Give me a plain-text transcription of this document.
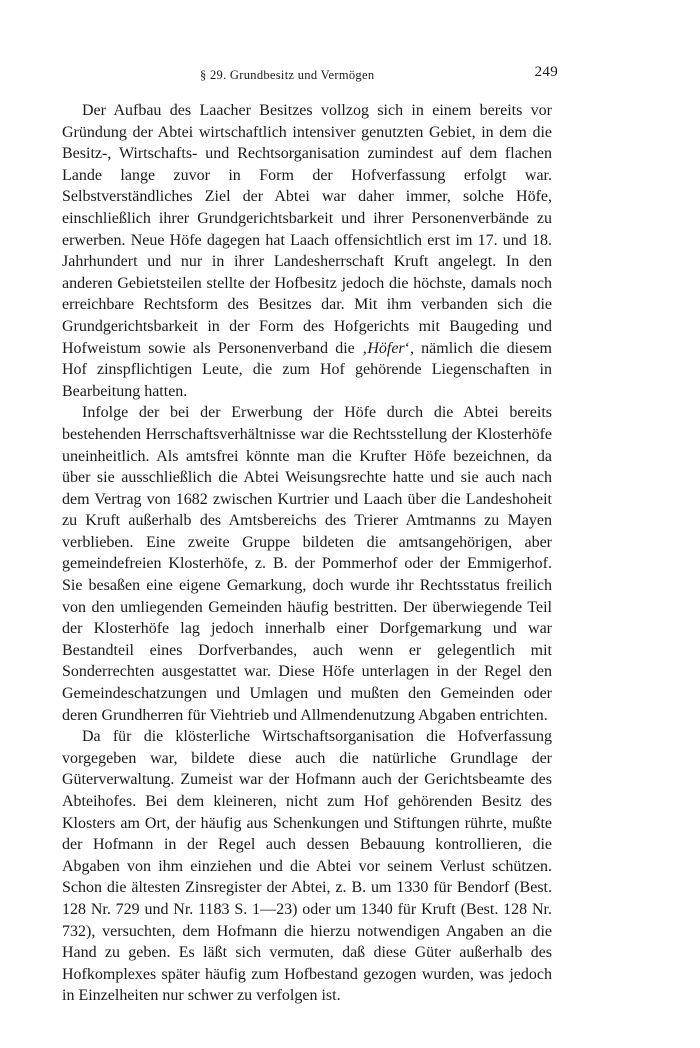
§ 29. Grundbesitz und Vermögen	249

Der Aufbau des Laacher Besitzes vollzog sich in einem bereits vor Gründung der Abtei wirtschaftlich intensiver genutzten Gebiet, in dem die Besitz-, Wirtschafts- und Rechtsorganisation zumindest auf dem flachen Lande lange zuvor in Form der Hofverfassung erfolgt war. Selbstverständliches Ziel der Abtei war daher immer, solche Höfe, einschließlich ihrer Grundgerichtsbarkeit und ihrer Personenverbände zu erwerben. Neue Höfe dagegen hat Laach offensichtlich erst im 17. und 18. Jahrhundert und nur in ihrer Landesherrschaft Kruft angelegt. In den anderen Gebietsteilen stellte der Hofbesitz jedoch die höchste, damals noch erreichbare Rechtsform des Besitzes dar. Mit ihm verbanden sich die Grundgerichtsbarkeit in der Form des Hofgerichts mit Baugeding und Hofweistum sowie als Personenverband die ‚Höfer‘, nämlich die diesem Hof zinspflichtigen Leute, die zum Hof gehörende Liegenschaften in Bearbeitung hatten.

Infolge der bei der Erwerbung der Höfe durch die Abtei bereits bestehenden Herrschaftsverhältnisse war die Rechtsstellung der Klosterhöfe uneinheitlich. Als amtsfrei könnte man die Krufter Höfe bezeichnen, da über sie ausschließlich die Abtei Weisungsrechte hatte und sie auch nach dem Vertrag von 1682 zwischen Kurtrier und Laach über die Landeshoheit zu Kruft außerhalb des Amtsbereichs des Trierer Amtmanns zu Mayen verblieben. Eine zweite Gruppe bildeten die amtsangehörigen, aber gemeindefreien Klosterhöfe, z. B. der Pommerhof oder der Emmigerhof. Sie besaßen eine eigene Gemarkung, doch wurde ihr Rechtsstatus freilich von den umliegenden Gemeinden häufig bestritten. Der überwiegende Teil der Klosterhöfe lag jedoch innerhalb einer Dorfgemarkung und war Bestandteil eines Dorfverbandes, auch wenn er gelegentlich mit Sonderrechten ausgestattet war. Diese Höfe unterlagen in der Regel den Gemeindeschatzungen und Umlagen und mußten den Gemeinden oder deren Grundherren für Viehtrieb und Allmendenutzung Abgaben entrichten.

Da für die klösterliche Wirtschaftsorganisation die Hofverfassung vorgegeben war, bildete diese auch die natürliche Grundlage der Güterverwaltung. Zumeist war der Hofmann auch der Gerichtsbeamte des Abteihofes. Bei dem kleineren, nicht zum Hof gehörenden Besitz des Klosters am Ort, der häufig aus Schenkungen und Stiftungen rührte, mußte der Hofmann in der Regel auch dessen Bebauung kontrollieren, die Abgaben von ihm einziehen und die Abtei vor seinem Verlust schützen. Schon die ältesten Zinsregister der Abtei, z. B. um 1330 für Bendorf (Best. 128 Nr. 729 und Nr. 1183 S. 1—23) oder um 1340 für Kruft (Best. 128 Nr. 732), versuchten, dem Hofmann die hierzu notwendigen Angaben an die Hand zu geben. Es läßt sich vermuten, daß diese Güter außerhalb des Hofkomplexes später häufig zum Hofbestand gezogen wurden, was jedoch in Einzelheiten nur schwer zu verfolgen ist.
